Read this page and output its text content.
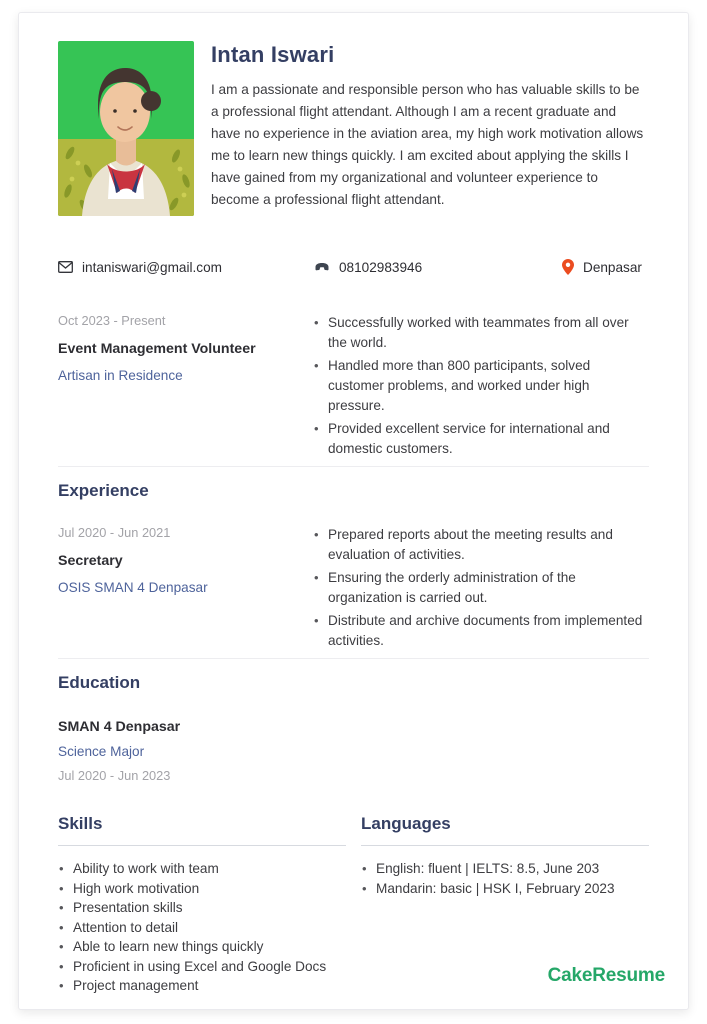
Intan Iswari
I am a passionate and responsible person who has valuable skills to be a professional flight attendant. Although I am a recent graduate and have no experience in the aviation area, my high work motivation allows me to learn new things quickly. I am excited about applying the skills I have gained from my organizational and volunteer experience to become a professional flight attendant.
intaniswari@gmail.com	08102983946	Denpasar
Oct 2023 - Present
Event Management Volunteer
Artisan in Residence
• Successfully worked with teammates from all over the world.
• Handled more than 800 participants, solved customer problems, and worked under high pressure.
• Provided excellent service for international and domestic customers.
Experience
Jul 2020 - Jun 2021
Secretary
OSIS SMAN 4 Denpasar
• Prepared reports about the meeting results and evaluation of activities.
• Ensuring the orderly administration of the organization is carried out.
• Distribute and archive documents from implemented activities.
Education
SMAN 4 Denpasar
Science Major
Jul 2020 - Jun 2023
Skills
• Ability to work with team
• High work motivation
• Presentation skills
• Attention to detail
• Able to learn new things quickly
• Proficient in using Excel and Google Docs
• Project management
Languages
• English: fluent | IELTS: 8.5, June 203
• Mandarin: basic | HSK I, February 2023
CakeResume
